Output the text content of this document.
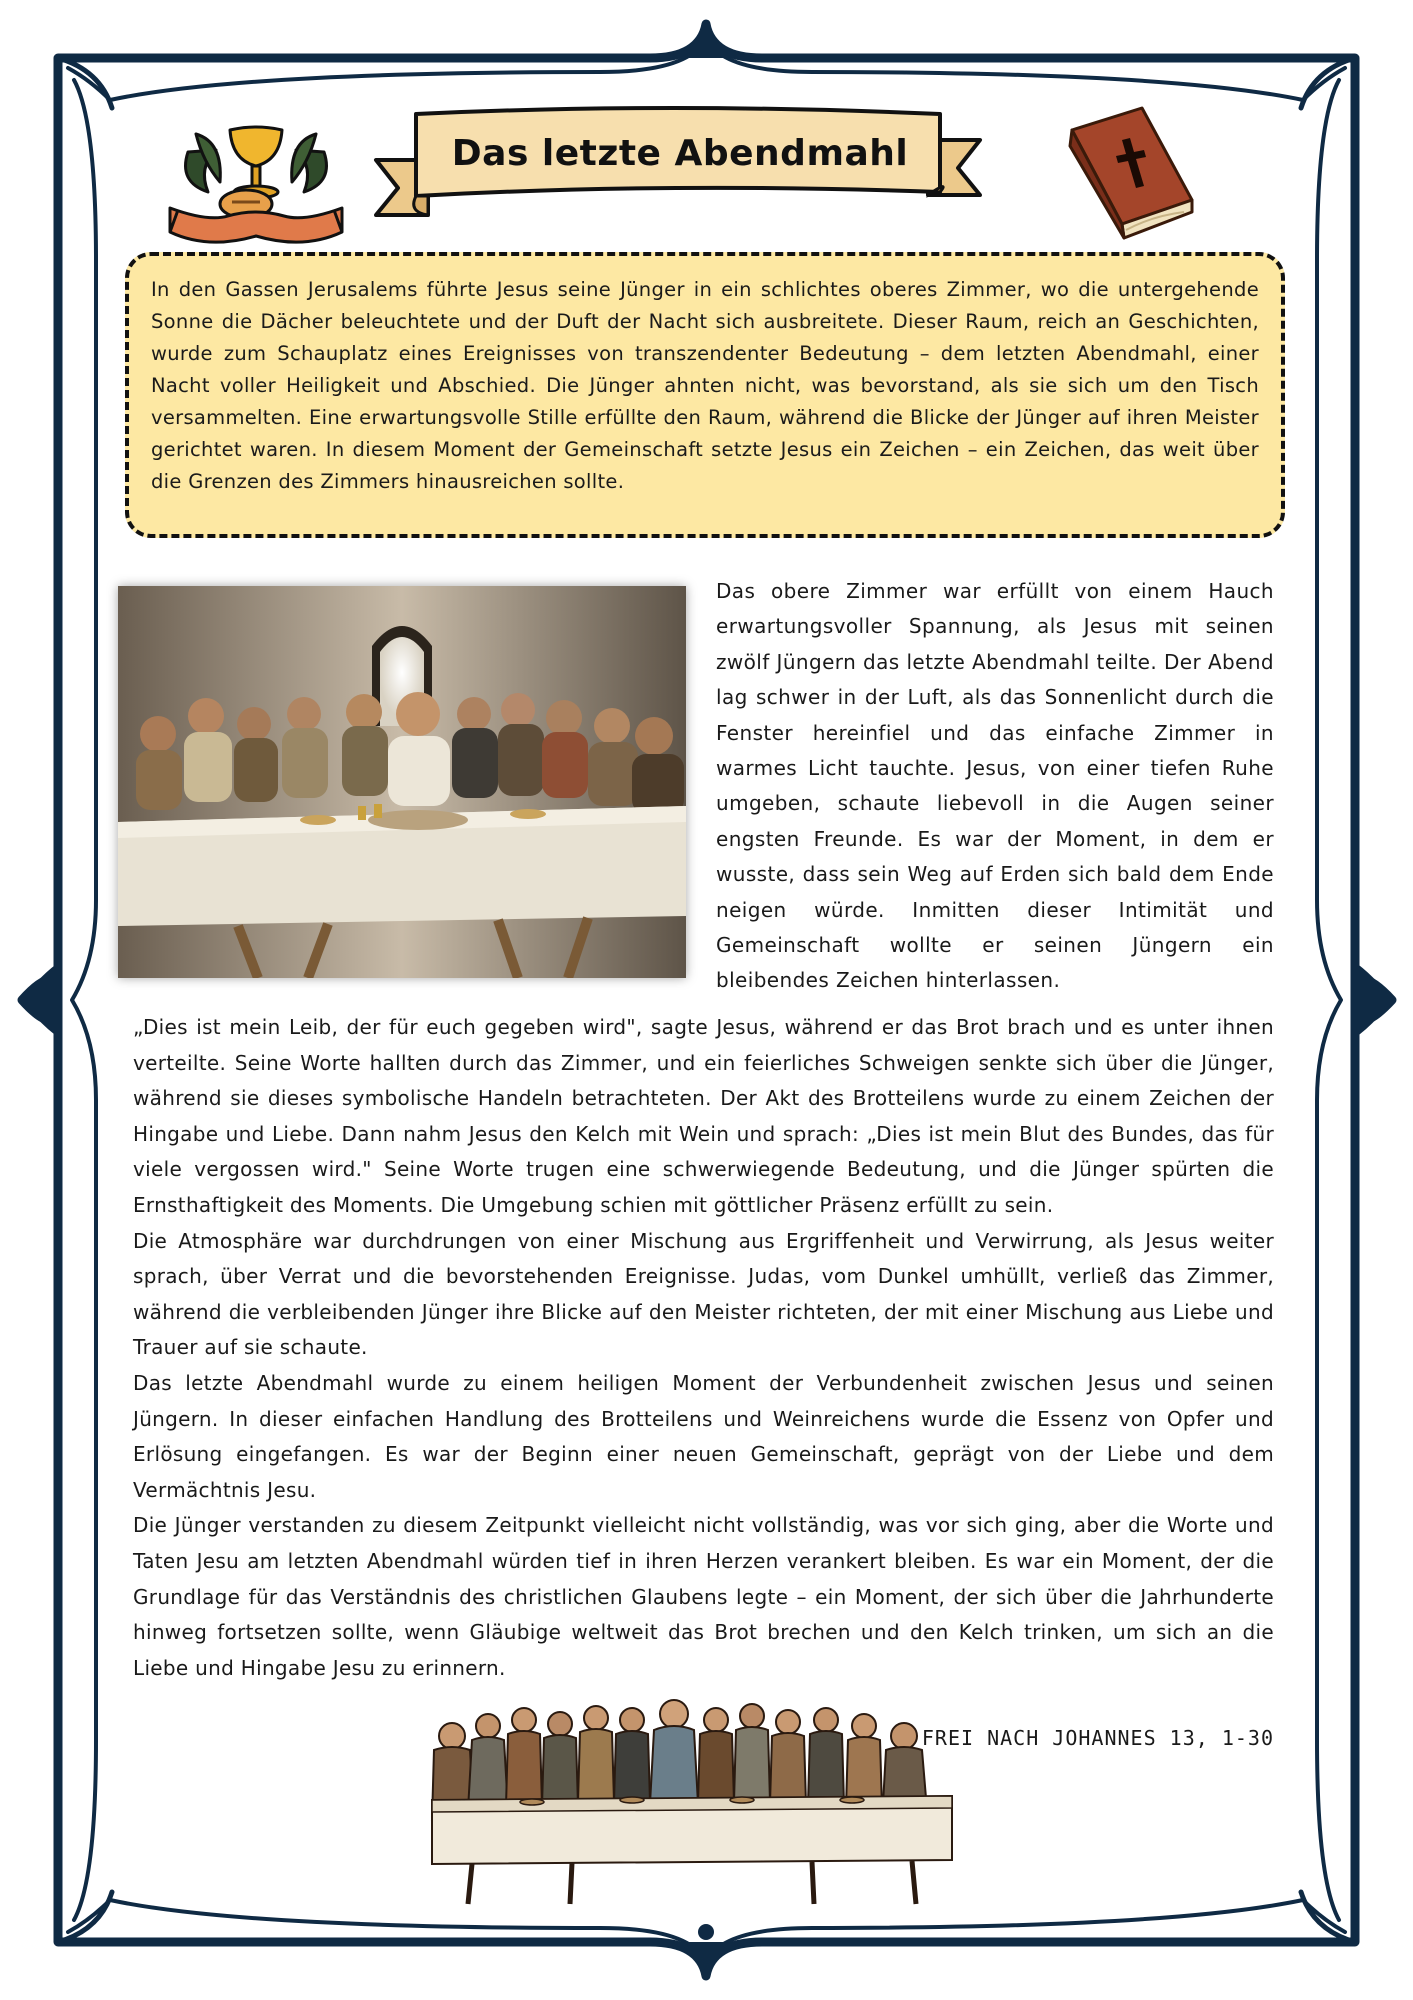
Das letzte Abendmahl

In den Gassen Jerusalems führte Jesus seine Jünger in ein schlichtes oberes Zimmer, wo die untergehende Sonne die Dächer beleuchtete und der Duft der Nacht sich ausbreitete. Dieser Raum, reich an Geschichten, wurde zum Schauplatz eines Ereignisses von transzendenter Bedeutung – dem letzten Abendmahl, einer Nacht voller Heiligkeit und Abschied. Die Jünger ahnten nicht, was bevorstand, als sie sich um den Tisch versammelten. Eine erwartungsvolle Stille erfüllte den Raum, während die Blicke der Jünger auf ihren Meister gerichtet waren. In diesem Moment der Gemeinschaft setzte Jesus ein Zeichen – ein Zeichen, das weit über die Grenzen des Zimmers hinausreichen sollte.

Das obere Zimmer war erfüllt von einem Hauch erwartungsvoller Spannung, als Jesus mit seinen zwölf Jüngern das letzte Abendmahl teilte. Der Abend lag schwer in der Luft, als das Sonnenlicht durch die Fenster hereinfiel und das einfache Zimmer in warmes Licht tauchte. Jesus, von einer tiefen Ruhe umgeben, schaute liebevoll in die Augen seiner engsten Freunde. Es war der Moment, in dem er wusste, dass sein Weg auf Erden sich bald dem Ende neigen würde. Inmitten dieser Intimität und Gemeinschaft wollte er seinen Jüngern ein bleibendes Zeichen hinterlassen.

„Dies ist mein Leib, der für euch gegeben wird", sagte Jesus, während er das Brot brach und es unter ihnen verteilte. Seine Worte hallten durch das Zimmer, und ein feierliches Schweigen senkte sich über die Jünger, während sie dieses symbolische Handeln betrachteten. Der Akt des Brotteilens wurde zu einem Zeichen der Hingabe und Liebe. Dann nahm Jesus den Kelch mit Wein und sprach: „Dies ist mein Blut des Bundes, das für viele vergossen wird." Seine Worte trugen eine schwerwiegende Bedeutung, und die Jünger spürten die Ernsthaftigkeit des Moments. Die Umgebung schien mit göttlicher Präsenz erfüllt zu sein.

Die Atmosphäre war durchdrungen von einer Mischung aus Ergriffenheit und Verwirrung, als Jesus weiter sprach, über Verrat und die bevorstehenden Ereignisse. Judas, vom Dunkel umhüllt, verließ das Zimmer, während die verbleibenden Jünger ihre Blicke auf den Meister richteten, der mit einer Mischung aus Liebe und Trauer auf sie schaute.

Das letzte Abendmahl wurde zu einem heiligen Moment der Verbundenheit zwischen Jesus und seinen Jüngern. In dieser einfachen Handlung des Brotteilens und Weinreichens wurde die Essenz von Opfer und Erlösung eingefangen. Es war der Beginn einer neuen Gemeinschaft, geprägt von der Liebe und dem Vermächtnis Jesu.

Die Jünger verstanden zu diesem Zeitpunkt vielleicht nicht vollständig, was vor sich ging, aber die Worte und Taten Jesu am letzten Abendmahl würden tief in ihren Herzen verankert bleiben. Es war ein Moment, der die Grundlage für das Verständnis des christlichen Glaubens legte – ein Moment, der sich über die Jahrhunderte hinweg fortsetzen sollte, wenn Gläubige weltweit das Brot brechen und den Kelch trinken, um sich an die Liebe und Hingabe Jesu zu erinnern.

FREI NACH JOHANNES 13, 1-30
